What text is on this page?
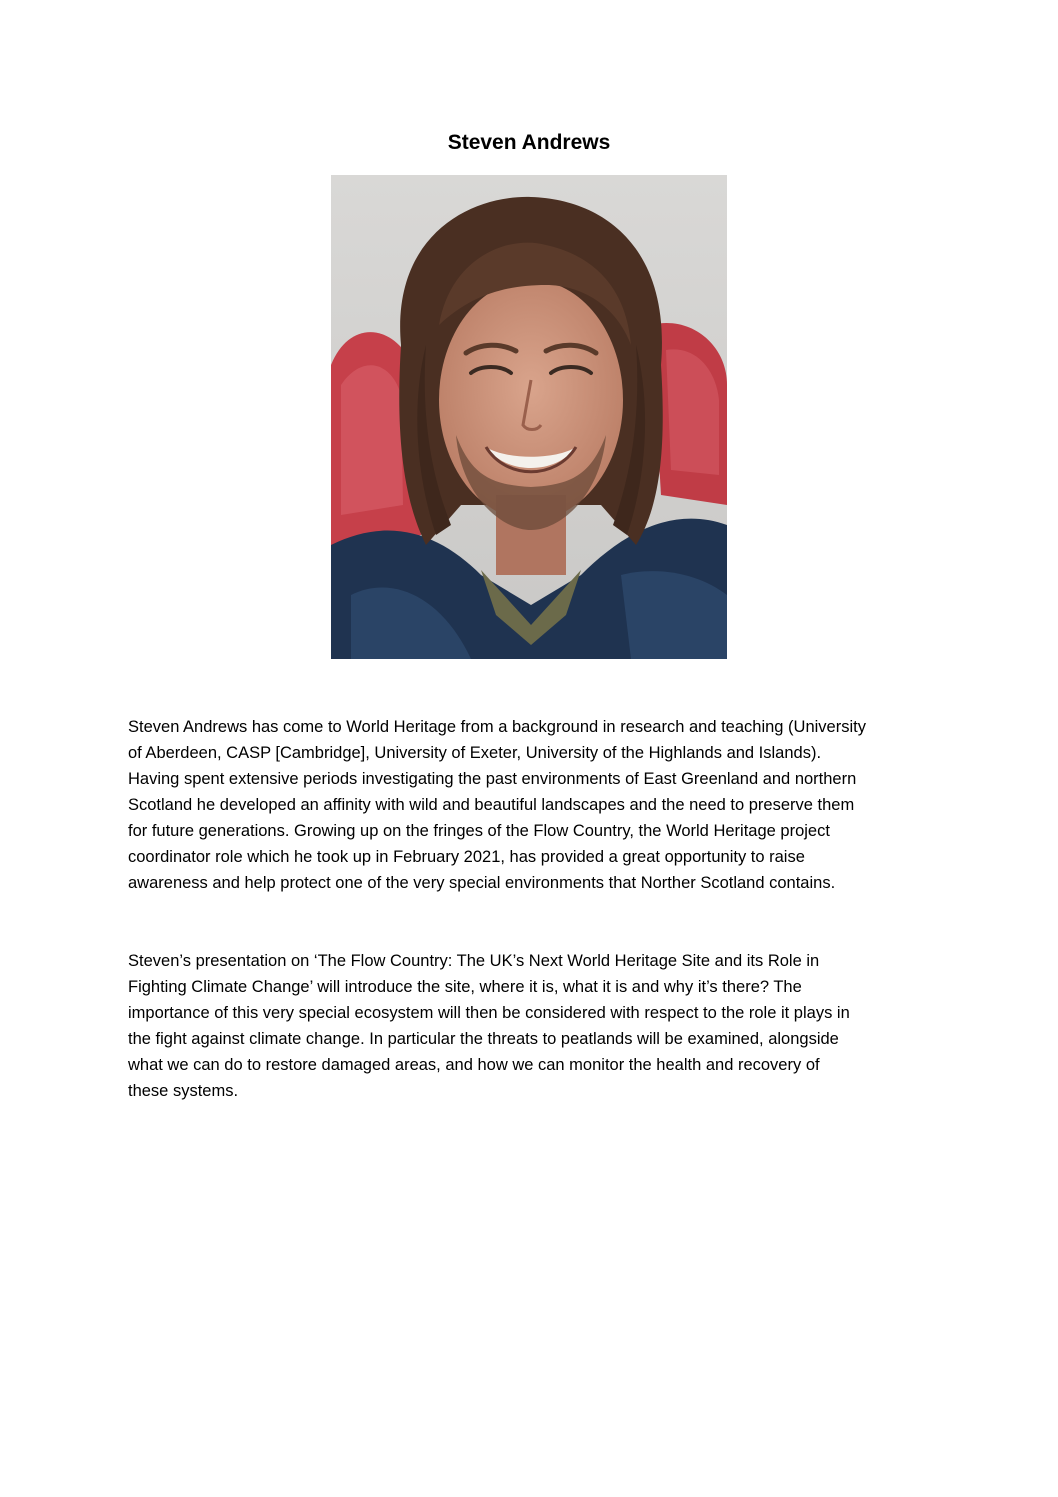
Steven Andrews

Steven Andrews has come to World Heritage from a background in research and teaching (University
of Aberdeen, CASP [Cambridge], University of Exeter, University of the Highlands and Islands).
Having spent extensive periods investigating the past environments of East Greenland and northern
Scotland he developed an affinity with wild and beautiful landscapes and the need to preserve them
for future generations. Growing up on the fringes of the Flow Country, the World Heritage project
coordinator role which he took up in February 2021, has provided a great opportunity to raise
awareness and help protect one of the very special environments that Norther Scotland contains.

Steven’s presentation on ‘The Flow Country: The UK’s Next World Heritage Site and its Role in
Fighting Climate Change’ will introduce the site, where it is, what it is and why it’s there? The
importance of this very special ecosystem will then be considered with respect to the role it plays in
the fight against climate change. In particular the threats to peatlands will be examined, alongside
what we can do to restore damaged areas, and how we can monitor the health and recovery of
these systems.
